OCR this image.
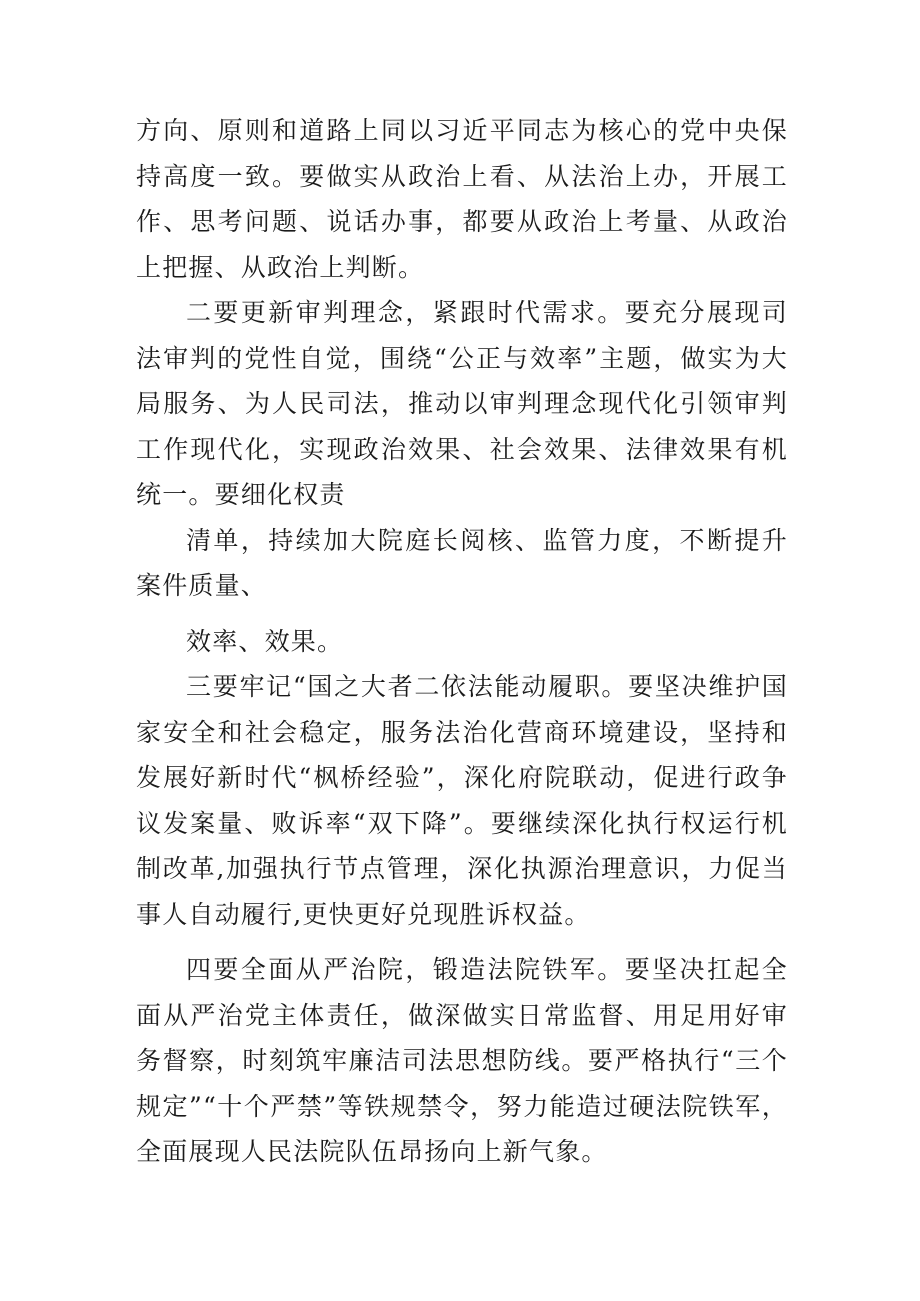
方向、原则和道路上同以习近平同志为核心的党中央保持高度一致。要做实从政治上看、从法治上办，开展工作、思考问题、说话办事，都要从政治上考量、从政治上把握、从政治上判断。

二要更新审判理念，紧跟时代需求。要充分展现司法审判的党性自觉，围绕“公正与效率”主题，做实为大局服务、为人民司法，推动以审判理念现代化引领审判工作现代化，实现政治效果、社会效果、法律效果有机统一。要细化权责

清单，持续加大院庭长阅核、监管力度，不断提升案件质量、

效率、效果。

三要牢记“国之大者二依法能动履职。要坚决维护国家安全和社会稳定，服务法治化营商环境建设，坚持和发展好新时代“枫桥经验”，深化府院联动，促进行政争议发案量、败诉率“双下降”。要继续深化执行权运行机制改革,加强执行节点管理，深化执源治理意识，力促当事人自动履行,更快更好兑现胜诉权益。

四要全面从严治院，锻造法院铁军。要坚决扛起全面从严治党主体责任，做深做实日常监督、用足用好审务督察，时刻筑牢廉洁司法思想防线。要严格执行“三个规定”“十个严禁”等铁规禁令，努力能造过硬法院铁军，全面展现人民法院队伍昂扬向上新气象。
